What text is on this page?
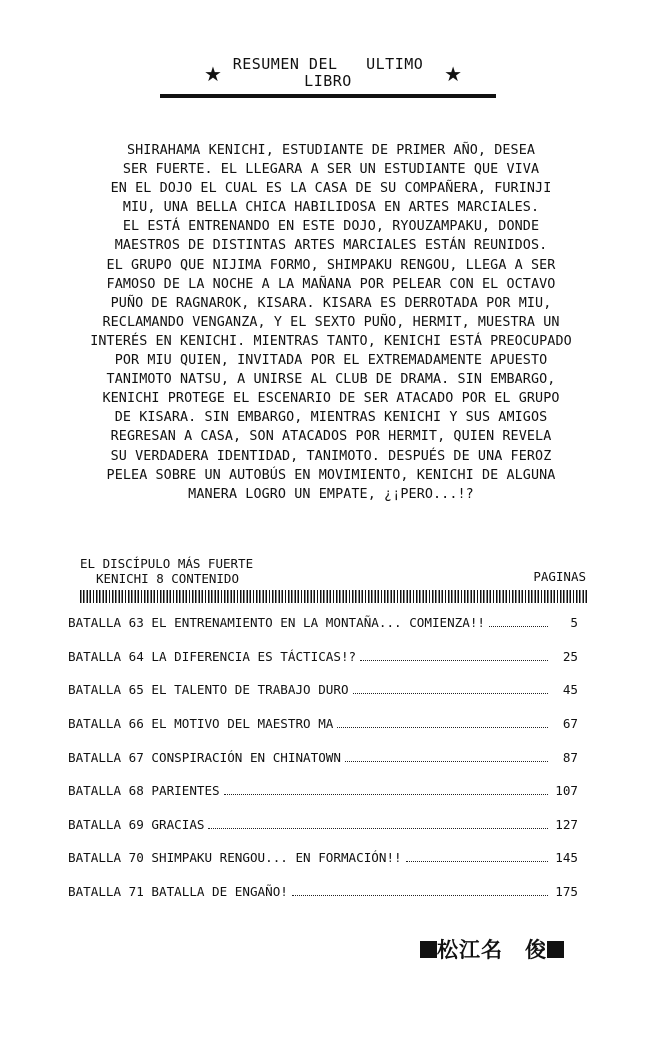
★ RESUMEN DEL   ULTIMO
LIBRO	★
SHIRAHAMA KENICHI, ESTUDIANTE DE PRIMER AÑO, DESEA
SER FUERTE. EL LLEGARA A SER UN ESTUDIANTE QUE VIVA
EN EL DOJO EL CUAL ES LA CASA DE SU COMPAÑERA, FURINJI
MIU, UNA BELLA CHICA HABILIDOSA EN ARTES MARCIALES.
EL ESTÁ ENTRENANDO EN ESTE DOJO, RYOUZAMPAKU, DONDE
MAESTROS DE DISTINTAS ARTES MARCIALES ESTÁN REUNIDOS.
EL GRUPO QUE NIJIMA FORMO, SHIMPAKU RENGOU, LLEGA A SER
FAMOSO DE LA NOCHE A LA MAÑANA POR PELEAR CON EL OCTAVO
PUÑO DE RAGNAROK, KISARA. KISARA ES DERROTADA POR MIU,
RECLAMANDO VENGANZA, Y EL SEXTO PUÑO, HERMIT, MUESTRA UN
INTERÉS EN KENICHI. MIENTRAS TANTO, KENICHI ESTÁ PREOCUPADO
POR MIU QUIEN, INVITADA POR EL EXTREMADAMENTE APUESTO
TANIMOTO NATSU, A UNIRSE AL CLUB DE DRAMA. SIN EMBARGO,
KENICHI PROTEGE EL ESCENARIO DE SER ATACADO POR EL GRUPO
DE KISARA. SIN EMBARGO, MIENTRAS KENICHI Y SUS AMIGOS
REGRESAN A CASA, SON ATACADOS POR HERMIT, QUIEN REVELA
SU VERDADERA IDENTIDAD, TANIMOTO. DESPUÉS DE UNA FEROZ
PELEA SOBRE UN AUTOBÚS EN MOVIMIENTO, KENICHI DE ALGUNA
MANERA LOGRO UN EMPATE, ¿¡PERO...!?
EL DISCÍPULO MÁS FUERTE
KENICHI 8 CONTENIDO	PAGINAS
BATALLA 63 EL ENTRENAMIENTO EN LA MONTAÑA... COMIENZA!!	5
BATALLA 64 LA DIFERENCIA ES TÁCTICAS!?	25
BATALLA 65 EL TALENTO DE TRABAJO DURO	45
BATALLA 66 EL MOTIVO DEL MAESTRO MA	67
BATALLA 67 CONSPIRACIÓN EN CHINATOWN	87
BATALLA 68 PARIENTES	107
BATALLA 69 GRACIAS	127
BATALLA 70 SHIMPAKU RENGOU... EN FORMACIÓN!!	145
BATALLA 71 BATALLA DE ENGAÑO!	175
松江名　俊
